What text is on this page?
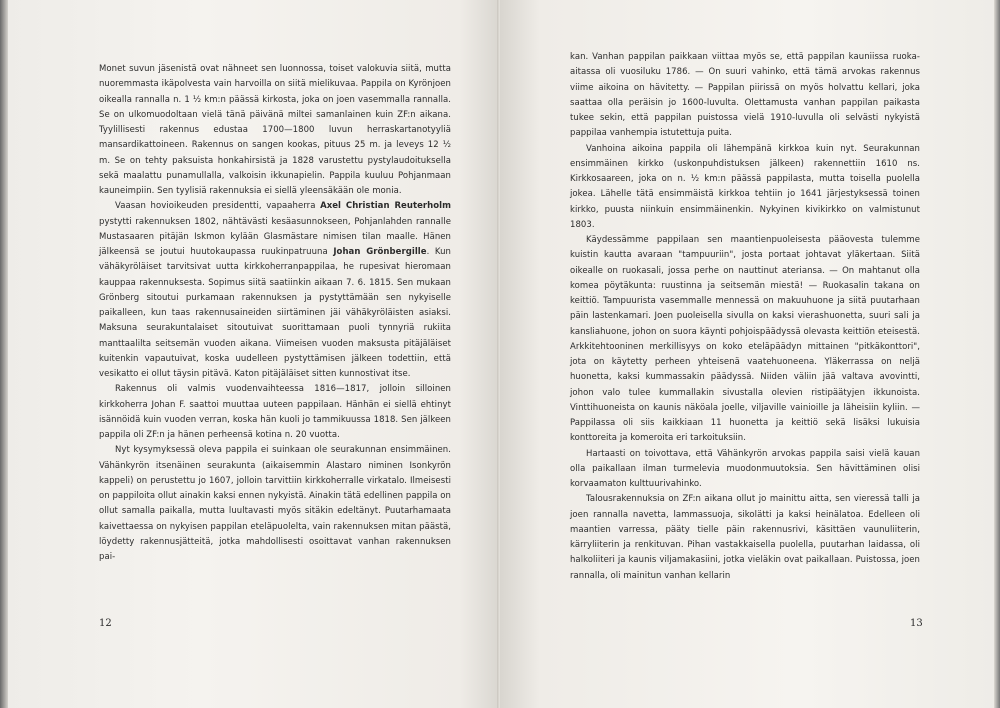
Monet suvun jäsenistä ovat nähneet sen luonnossa, toiset valokuvia siitä, mutta nuoremmasta ikäpolvesta vain harvoilla on siitä mielikuvaa. Pappila on Kyrönjoen oikealla rannalla n. 1 ½ km:n päässä kirkosta, joka on joen vasemmalla rannalla. Se on ulkomuodoltaan vielä tänä päivänä miltei samanlainen kuin ZF:n aikana. Tyylillisesti rakennus edustaa 1700—1800 luvun herraskartanotyyliä mansardikattoineen. Rakennus on sangen kookas, pituus 25 m. ja leveys 12 ½ m. Se on tehty paksuista honkahirsistä ja 1828 varustettu pystylaudoituksella sekä maalattu punamullalla, valkoisin ikkunapielin. Pappila kuuluu Pohjanmaan kauneimpiin. Sen tyylisiä rakennuksia ei siellä yleensäkään ole monia.

Vaasan hovioikeuden presidentti, vapaaherra Axel Christian Reuterholm pystytti rakennuksen 1802, nähtävästi kesäasunnokseen, Pohjanlahden rannalle Mustasaaren pitäjän Iskmon kylään Glasmästare nimisen tilan maalle. Hänen jälkeensä se joutui huutokaupassa ruukinpatruuna Johan Grönbergille. Kun vähäkyröläiset tarvitsivat uutta kirkkoherranpappilaa, he rupesivat hieromaan kauppaa rakennuksesta. Sopimus siitä saatiinkin aikaan 7. 6. 1815. Sen mukaan Grönberg sitoutui purkamaan rakennuksen ja pystyttämään sen nykyiselle paikalleen, kun taas rakennusaineiden siirtäminen jäi vähäkyröläisten asiaksi. Maksuna seurakuntalaiset sitoutuivat suorittamaan puoli tynnyriä rukiita manttaalilta seitsemän vuoden aikana. Viimeisen vuoden maksusta pitäjäläiset kuitenkin vapautuivat, koska uudelleen pystyttämisen jälkeen todettiin, että vesikatto ei ollut täysin pitävä. Katon pitäjäläiset sitten kunnostivat itse.

Rakennus oli valmis vuodenvaihteessa 1816—1817, jolloin silloinen kirkkoherra Johan F. saattoi muuttaa uuteen pappilaan. Hänhän ei siellä ehtinyt isännöidä kuin vuoden verran, koska hän kuoli jo tammikuussa 1818. Sen jälkeen pappila oli ZF:n ja hänen perheensä kotina n. 20 vuotta.

Nyt kysymyksessä oleva pappila ei suinkaan ole seurakunnan ensimmäinen. Vähänkyrön itsenäinen seurakunta (aikaisemmin Alastaro niminen Isonkyrön kappeli) on perustettu jo 1607, jolloin tarvittiin kirkkoherralle virkatalo. Ilmeisesti on pappiloita ollut ainakin kaksi ennen nykyistä. Ainakin tätä edellinen pappila on ollut samalla paikalla, mutta luultavasti myös sitäkin edeltänyt. Puutarhamaata kaivettaessa on nykyisen pappilan eteläpuolelta, vain rakennuksen mitan päästä, löydetty rakennusjätteitä, jotka mahdollisesti osoittavat vanhan rakennuksen pai-

12

kan. Vanhan pappilan paikkaan viittaa myös se, että pappilan kauniissa ruoka-aitassa oli vuosiluku 1786. — On suuri vahinko, että tämä arvokas rakennus viime aikoina on hävitetty. — Pappilan piirissä on myös holvattu kellari, joka saattaa olla peräisin jo 1600-luvulta. Olettamusta vanhan pappilan paikasta tukee sekin, että pappilan puistossa vielä 1910-luvulla oli selvästi nykyistä pappilaa vanhempia istutettuja puita.

Vanhoina aikoina pappila oli lähempänä kirkkoa kuin nyt. Seurakunnan ensimmäinen kirkko (uskonpuhdistuksen jälkeen) rakennettiin 1610 ns. Kirkkosaareen, joka on n. ½ km:n päässä pappilasta, mutta toisella puolella jokea. Lähelle tätä ensimmäistä kirkkoa tehtiin jo 1641 järjestyksessä toinen kirkko, puusta niinkuin ensimmäinenkin. Nykyinen kivikirkko on valmistunut 1803.

Käydessämme pappilaan sen maantienpuoleisesta pääovesta tulemme kuistin kautta avaraan "tampuuriin", josta portaat johtavat yläkertaan. Siitä oikealle on ruokasali, jossa perhe on nauttinut ateriansa. — On mahtanut olla komea pöytäkunta: ruustinna ja seitsemän miestä! — Ruokasalin takana on keittiö. Tampuurista vasemmalle mennessä on makuuhuone ja siitä puutarhaan päin lastenkamari. Joen puoleisella sivulla on kaksi vierashuonetta, suuri sali ja kansliahuone, johon on suora käynti pohjoispäädyssä olevasta keittiön eteisestä. Arkkitehtooninen merkillisyys on koko eteläpäädyn mittainen "pitkäkonttori", jota on käytetty perheen yhteisenä vaatehuoneena. Yläkerrassa on neljä huonetta, kaksi kummassakin päädyssä. Niiden väliin jää valtava avovintti, johon valo tulee kummallakin sivustalla olevien ristipäätyjen ikkunoista. Vinttihuoneista on kaunis näköala joelle, viljaville vainioille ja läheisiin kyliin. — Pappilassa oli siis kaikkiaan 11 huonetta ja keittiö sekä lisäksi lukuisia konttoreita ja komeroita eri tarkoituksiin.

Hartaasti on toivottava, että Vähänkyrön arvokas pappila saisi vielä kauan olla paikallaan ilman turmelevia muodonmuutoksia. Sen hävittäminen olisi korvaamaton kulttuurivahinko.

Talousrakennuksia on ZF:n aikana ollut jo mainittu aitta, sen vieressä talli ja joen rannalla navetta, lammassuoja, sikolätti ja kaksi heinälatoa. Edelleen oli maantien varressa, pääty tielle päin rakennusrivi, käsittäen vaunuliiterin, kärryliiterin ja renkituvan. Pihan vastakkaisella puolella, puutarhan laidassa, oli halkoliiteri ja kaunis viljamakasiini, jotka vieläkin ovat paikallaan. Puistossa, joen rannalla, oli mainitun vanhan kellarin

13
